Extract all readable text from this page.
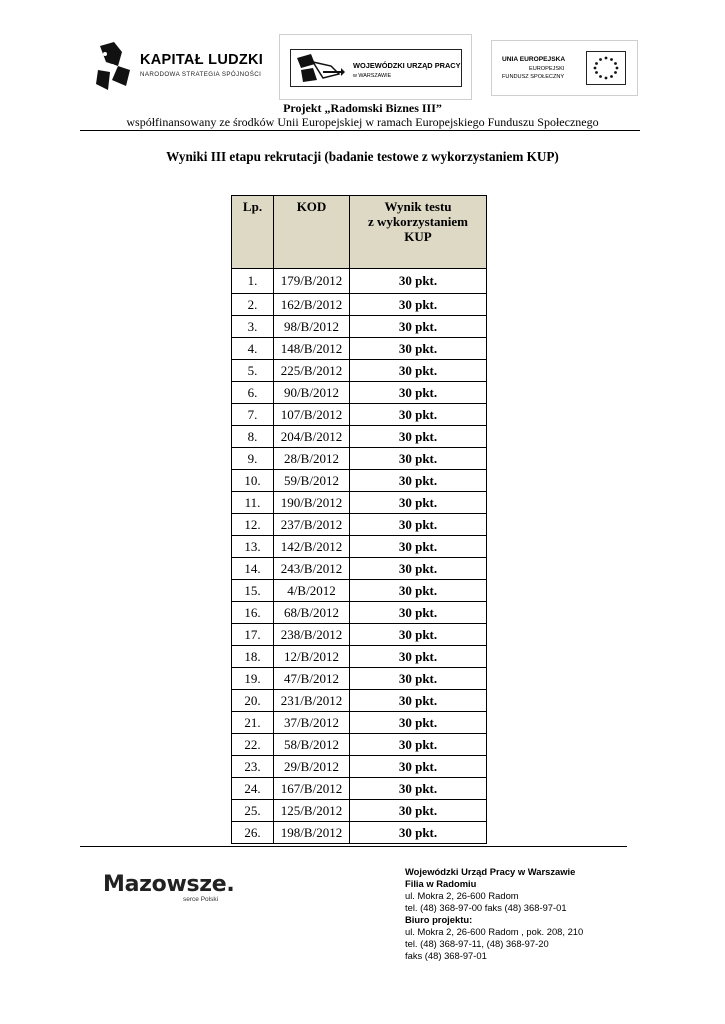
KAPITAŁ LUDZKI
NARODOWA STRATEGIA SPÓJNOŚCI
WOJEWÓDZKI URZĄD PRACY
w WARSZAWIE
UNIA EUROPEJSKA
EUROPEJSKI
FUNDUSZ SPOŁECZNY
Projekt „Radomski Biznes III”
współfinansowany ze środków Unii Europejskiej w ramach Europejskiego Funduszu Społecznego
Wyniki III etapu rekrutacji (badanie testowe z wykorzystaniem KUP)
Lp.	KOD	Wynik testu
z wykorzystaniem
KUP

1.	179/B/2012	30 pkt.
2.	162/B/2012	30 pkt.
3.	98/B/2012	30 pkt.
4.	148/B/2012	30 pkt.
5.	225/B/2012	30 pkt.
6.	90/B/2012	30 pkt.
7.	107/B/2012	30 pkt.
8.	204/B/2012	30 pkt.
9.	28/B/2012	30 pkt.
10.	59/B/2012	30 pkt.
11.	190/B/2012	30 pkt.
12.	237/B/2012	30 pkt.
13.	142/B/2012	30 pkt.
14.	243/B/2012	30 pkt.
15.	4/B/2012	30 pkt.
16.	68/B/2012	30 pkt.
17.	238/B/2012	30 pkt.
18.	12/B/2012	30 pkt.
19.	47/B/2012	30 pkt.
20.	231/B/2012	30 pkt.
21.	37/B/2012	30 pkt.
22.	58/B/2012	30 pkt.
23.	29/B/2012	30 pkt.
24.	167/B/2012	30 pkt.
25.	125/B/2012	30 pkt.
26.	198/B/2012	30 pkt.
Mazowsze.
serce Polski
Wojewódzki Urząd Pracy w Warszawie
Filia w Radomiu
ul. Mokra 2, 26-600 Radom
tel. (48) 368-97-00 faks (48) 368-97-01
Biuro projektu:
ul. Mokra 2, 26-600 Radom , pok. 208, 210
tel. (48) 368-97-11, (48) 368-97-20
faks (48) 368-97-01
